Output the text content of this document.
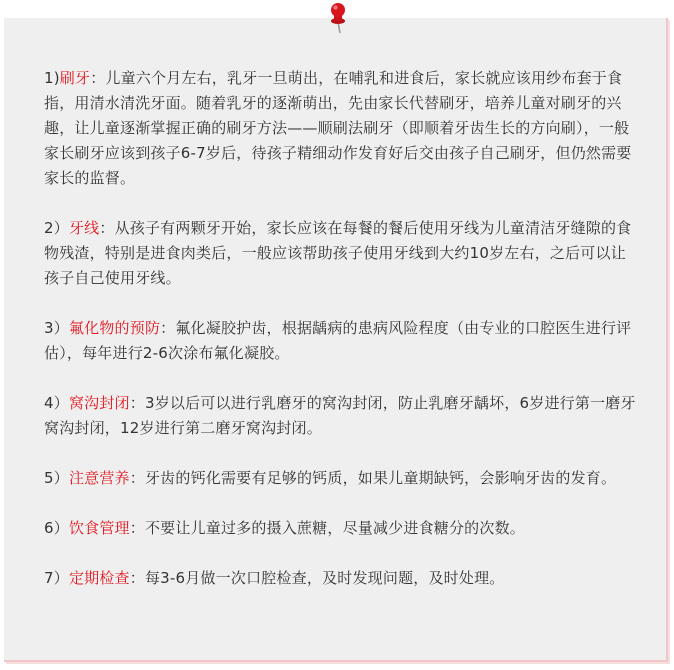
1)刷牙：儿童六个月左右，乳牙一旦萌出，在哺乳和进食后，家长就应该用纱布套于食指，用清水清洗牙面。随着乳牙的逐渐萌出，先由家长代替刷牙，培养儿童对刷牙的兴趣，让儿童逐渐掌握正确的刷牙方法——顺刷法刷牙（即顺着牙齿生长的方向刷），一般家长刷牙应该到孩子6-7岁后，待孩子精细动作发育好后交由孩子自己刷牙，但仍然需要家长的监督。

2）牙线：从孩子有两颗牙开始，家长应该在每餐的餐后使用牙线为儿童清洁牙缝隙的食物残渣，特别是进食肉类后，一般应该帮助孩子使用牙线到大约10岁左右，之后可以让孩子自己使用牙线。

3）氟化物的预防：氟化凝胶护齿，根据龋病的患病风险程度（由专业的口腔医生进行评估），每年进行2-6次涂布氟化凝胶。

4）窝沟封闭：3岁以后可以进行乳磨牙的窝沟封闭，防止乳磨牙龋坏，6岁进行第一磨牙窝沟封闭，12岁进行第二磨牙窝沟封闭。

5）注意营养：牙齿的钙化需要有足够的钙质，如果儿童期缺钙，会影响牙齿的发育。

6）饮食管理：不要让儿童过多的摄入蔗糖，尽量减少进食糖分的次数。

7）定期检查：每3-6月做一次口腔检查，及时发现问题，及时处理。
